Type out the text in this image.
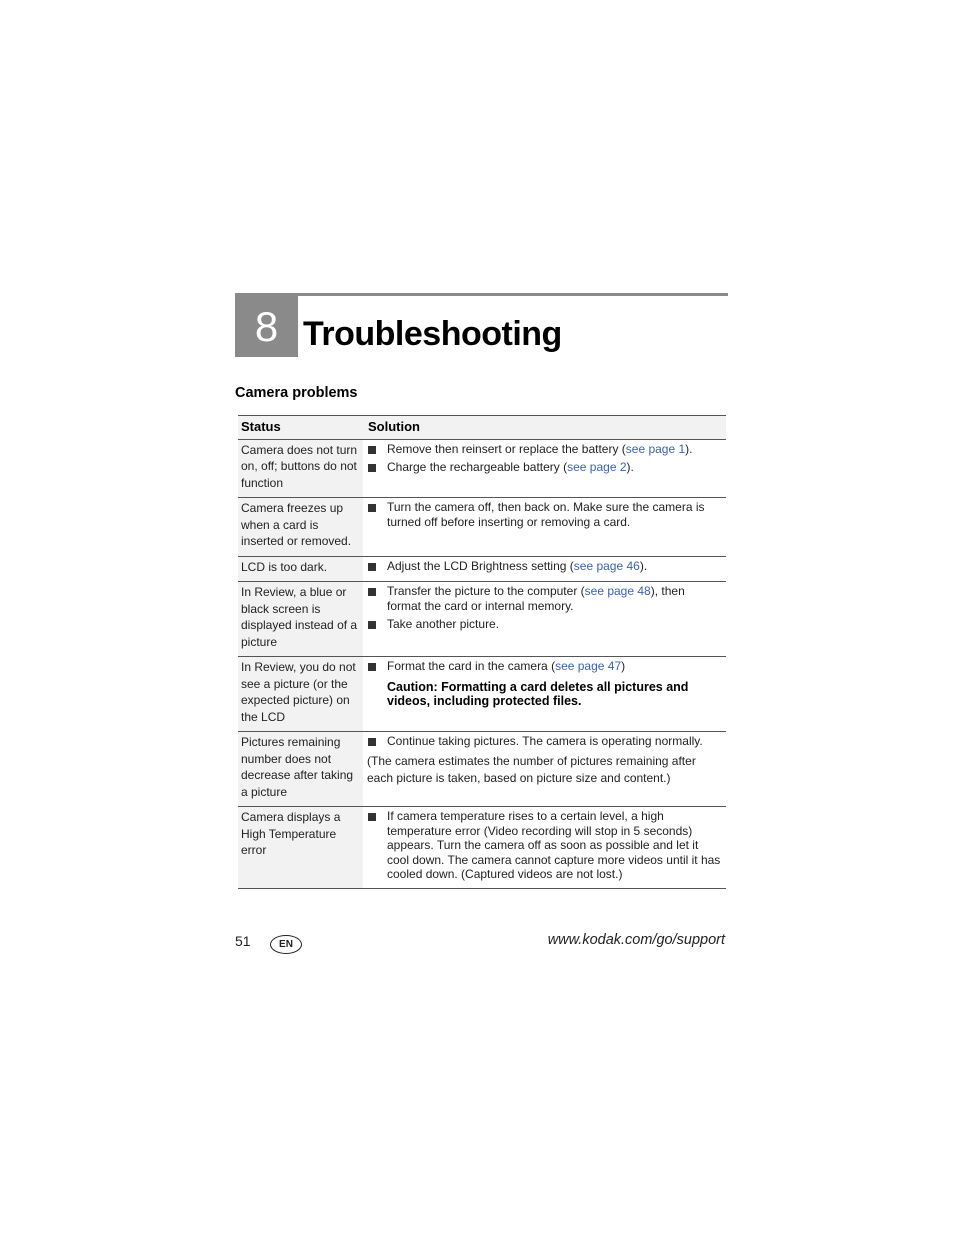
8 Troubleshooting
Camera problems
Status	Solution
Camera does not turn on, off; buttons do not function	Remove then reinsert or replace the battery (see page 1).
Charge the rechargeable battery (see page 2).

Camera freezes up when a card is inserted or removed.	Turn the camera off, then back on. Make sure the camera is turned off before inserting or removing a card.

LCD is too dark.	Adjust the LCD Brightness setting (see page 46).

In Review, a blue or black screen is displayed instead of a picture	Transfer the picture to the computer (see page 48), then format the card or internal memory.
Take another picture.

In Review, you do not see a picture (or the expected picture) on the LCD	Format the card in the camera (see page 47)
Caution: Formatting a card deletes all pictures and videos, including protected files.

Pictures remaining number does not decrease after taking a picture	Continue taking pictures. The camera is operating normally.
(The camera estimates the number of pictures remaining after each picture is taken, based on picture size and content.)

Camera displays a High Temperature error	If camera temperature rises to a certain level, a high temperature error (Video recording will stop in 5 seconds) appears. Turn the camera off as soon as possible and let it cool down. The camera cannot capture more videos until it has cooled down. (Captured videos are not lost.)
51	EN	www.kodak.com/go/support
